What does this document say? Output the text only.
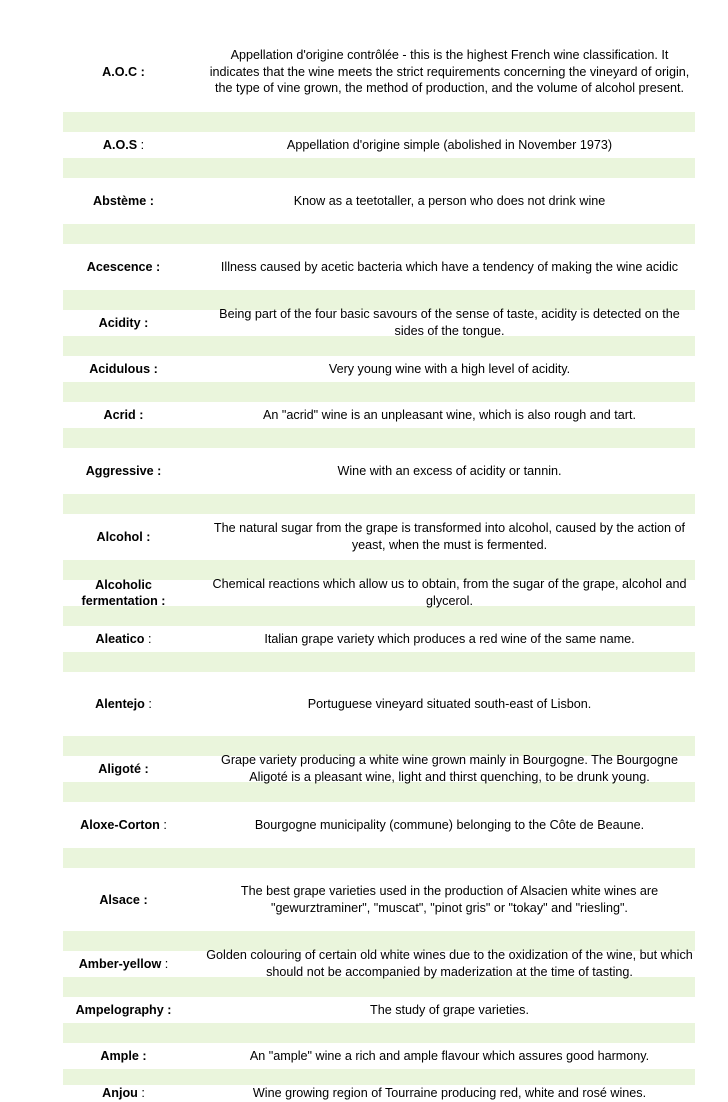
A.O.C :
Appellation d'origine contrôlée - this is the highest French wine classification. It indicates that the wine meets the strict requirements concerning the vineyard of origin, the type of vine grown, the method of production, and the volume of alcohol present.
A.O.S :	Appellation d'origine simple (abolished in November 1973)
Abstème :	Know as a teetotaller, a person who does not drink wine
Acescence :	Illness caused by acetic bacteria which have a tendency of making the wine acidic
Acidity :
Being part of the four basic savours of the sense of taste, acidity is detected on the sides of the tongue.
Acidulous :	Very young wine with a high level of acidity.
Acrid :	An "acrid" wine is an unpleasant wine, which is also rough and tart.
Aggressive :	Wine with an excess of acidity or tannin.
Alcohol :
The natural sugar from the grape is transformed into alcohol, caused by the action of yeast, when the must is fermented.
Alcoholic fermentation :
Chemical reactions which allow us to obtain, from the sugar of the grape, alcohol and glycerol.
Aleatico :	Italian grape variety which produces a red wine of the same name.
Alentejo :	Portuguese vineyard situated south-east of Lisbon.
Aligoté :
Grape variety producing a white wine grown mainly in Bourgogne. The Bourgogne Aligoté is a pleasant wine, light and thirst quenching, to be drunk young.
Aloxe-Corton :	Bourgogne municipality (commune) belonging to the Côte de Beaune.
Alsace :
The best grape varieties used in the production of Alsacien white wines are "gewurztraminer", "muscat", "pinot gris" or "tokay" and "riesling".
Amber-yellow :
Golden colouring of certain old white wines due to the oxidization of the wine, but which should not be accompanied by maderization at the time of tasting.
Ampelography :	The study of grape varieties.
Ample :	An "ample" wine a rich and ample flavour which assures good harmony.
Anjou :	Wine growing region of Tourraine producing red, white and rosé wines.
